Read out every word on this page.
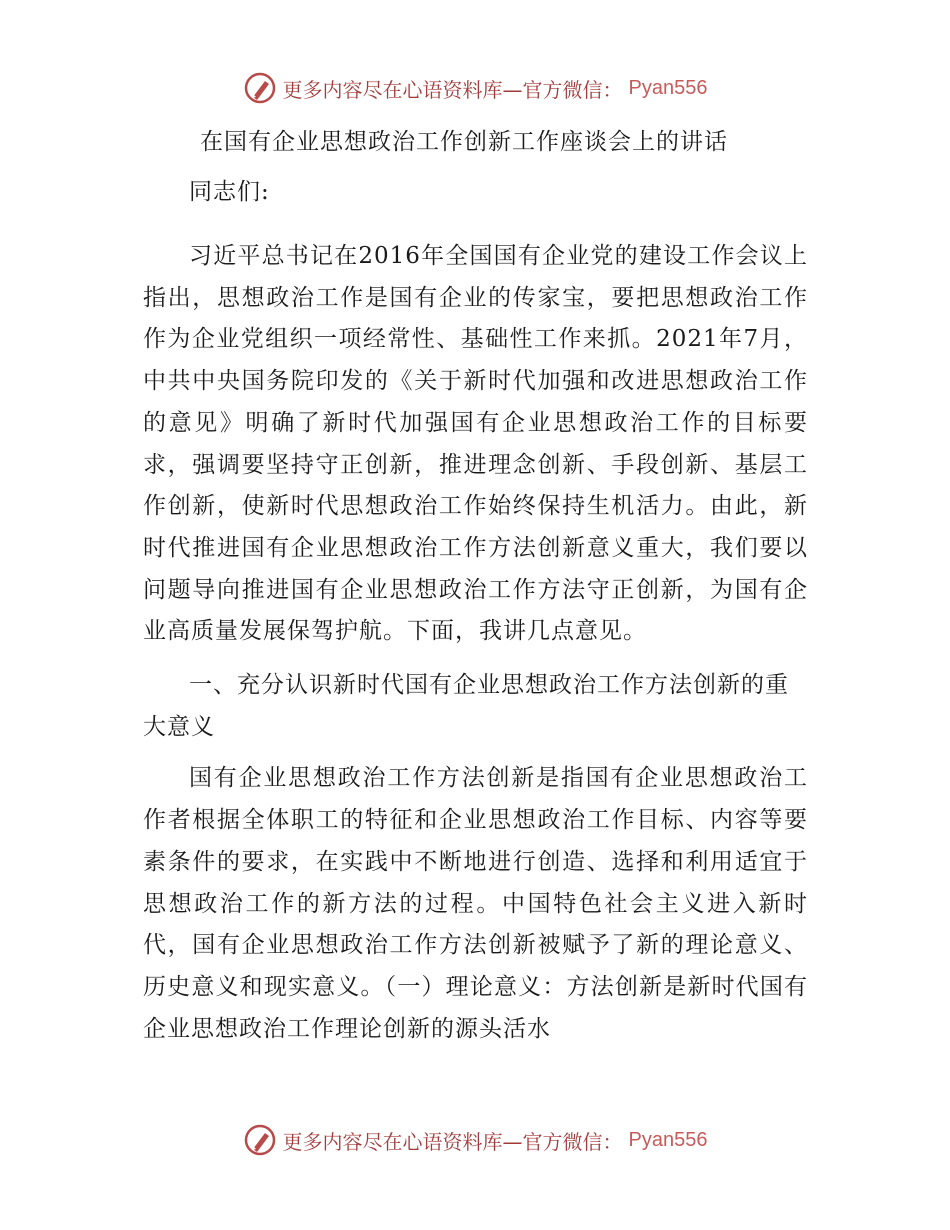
更多内容尽在心语资料库—官方微信： Pyan556

在国有企业思想政治工作创新工作座谈会上的讲话

同志们:

习近平总书记在2016年全国国有企业党的建设工作会议上指出，思想政治工作是国有企业的传家宝，要把思想政治工作作为企业党组织一项经常性、基础性工作来抓。2021年7月，中共中央国务院印发的《关于新时代加强和改进思想政治工作的意见》明确了新时代加强国有企业思想政治工作的目标要求，强调要坚持守正创新，推进理念创新、手段创新、基层工作创新，使新时代思想政治工作始终保持生机活力。由此，新时代推进国有企业思想政治工作方法创新意义重大，我们要以问题导向推进国有企业思想政治工作方法守正创新，为国有企业高质量发展保驾护航。下面，我讲几点意见。

一、充分认识新时代国有企业思想政治工作方法创新的重大意义

国有企业思想政治工作方法创新是指国有企业思想政治工作者根据全体职工的特征和企业思想政治工作目标、内容等要素条件的要求，在实践中不断地进行创造、选择和利用适宜于思想政治工作的新方法的过程。中国特色社会主义进入新时代，国有企业思想政治工作方法创新被赋予了新的理论意义、历史意义和现实意义。（一）理论意义：方法创新是新时代国有企业思想政治工作理论创新的源头活水

更多内容尽在心语资料库—官方微信： Pyan556
